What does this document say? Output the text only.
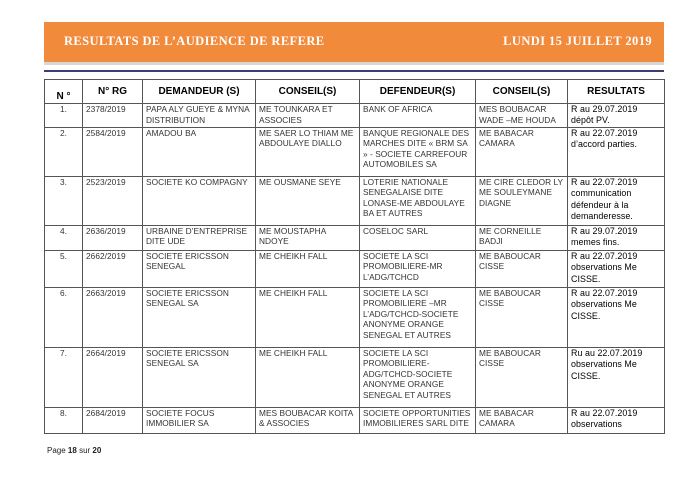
RESULTATS DE L’AUDIENCE DE REFERE	LUNDI 15 JUILLET 2019
N °	N° RG	DEMANDEUR (S)	CONSEIL(S)	DEFENDEUR(S)	CONSEIL(S)	RESULTATS
1.	2378/2019	PAPA ALY GUEYE & MYNA DISTRIBUTION	ME TOUNKARA ET ASSOCIES	BANK OF AFRICA	MES BOUBACAR WADE –ME HOUDA	R au 29.07.2019 dépôt PV.
2.	2584/2019	AMADOU BA	ME SAER LO THIAM ME ABDOULAYE DIALLO	BANQUE REGIONALE DES MARCHES DITE « BRM SA » - SOCIETE CARREFOUR AUTOMOBILES SA	ME BABACAR CAMARA	R au 22.07.2019 d’accord parties.
3.	2523/2019	SOCIETE KO COMPAGNY	ME OUSMANE SEYE	LOTERIE NATIONALE SENEGALAISE DITE LONASE-ME ABDOULAYE BA ET AUTRES	ME CIRE CLEDOR LY ME SOULEYMANE DIAGNE	R au 22.07.2019 communication défendeur à la demanderesse.
4.	2636/2019	URBAINE D’ENTREPRISE DITE UDE	ME MOUSTAPHA NDOYE	COSELOC SARL	ME CORNEILLE BADJI	R au 29.07.2019 memes fins.
5.	2662/2019	SOCIETE ERICSSON SENEGAL	ME CHEIKH FALL	SOCIETE LA SCI PROMOBILIERE-MR L’ADG/TCHCD	ME BABOUCAR CISSE	R au 22.07.2019 observations Me CISSE.
6.	2663/2019	SOCIETE ERICSSON SENEGAL SA	ME CHEIKH FALL	SOCIETE LA SCI PROMOBILIERE –MR L’ADG/TCHCD-SOCIETE ANONYME ORANGE SENEGAL ET AUTRES	ME BABOUCAR CISSE	R au 22.07.2019 observations Me CISSE.
7.	2664/2019	SOCIETE ERICSSON SENEGAL SA	ME CHEIKH FALL	SOCIETE LA SCI PROMOBILIERE-ADG/TCHCD-SOCIETE ANONYME ORANGE SENEGAL ET AUTRES	ME BABOUCAR CISSE	Ru au 22.07.2019 observations Me CISSE.
8.	2684/2019	SOCIETE FOCUS IMMOBILIER SA	MES BOUBACAR KOITA & ASSOCIES	SOCIETE OPPORTUNITIES IMMOBILIERES SARL DITE	ME BABACAR CAMARA	R au 22.07.2019 observations
Page 18 sur 20
